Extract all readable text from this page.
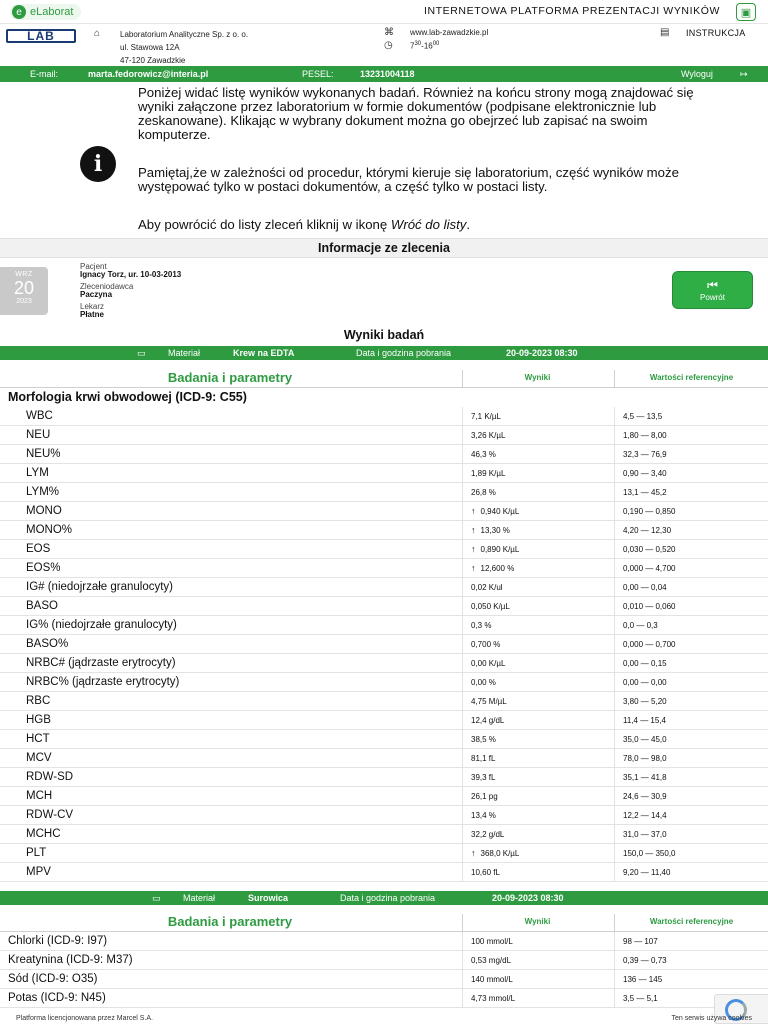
e eLaborat	INTERNETOWA PLATFORMA PREZENTACJI WYNIKÓW	▣
LAB	⌂ Laboratorium Analityczne Sp. z o. o.
ul. Stawowa 12A
47-120 Zawadzkie
⌘ www.lab-zawadzkie.pl
◷ $7^{30}-16^{00}$
▤ INSTRUKCJA
E-mail:	marta.fedorowicz@interia.pl	PESEL:	13231004118	Wyloguj	↦
i

Poniżej widać listę wyników wykonanych badań. Również na końcu strony mogą znajdować się wyniki załączone przez laboratorium w formie dokumentów (podpisane elektronicznie lub zeskanowane). Klikając w wybrany dokument można go obejrzeć lub zapisać na swoim komputerze.

Pamiętaj,że w zależności od procedur, którymi kieruje się laboratorium, część wyników może występować tylko w postaci dokumentów, a część tylko w postaci listy.

Aby powrócić do listy zleceń kliknij w ikonę Wróć do listy.

Informacje ze zlecenia
WRZ
20
2023
Pacjent
Ignacy Torz, ur. 10-03-2013
Zleceniodawca
Paczyna
Lekarz
Płatne
⏮
Powrót
Wyniki badań
▭ Materiał	Krew na EDTA	Data i godzina pobrania	20-09-2023 08:30
Badania i parametry	Wyniki	Wartości referencyjne
Morfologia krwi obwodowej (ICD-9: C55)
WBC	7,1 K/µL	4,5 — 13,5
NEU	3,26 K/µL	1,80 — 8,00
NEU%	46,3 %	32,3 — 76,9
LYM	1,89 K/µL	0,90 — 3,40
LYM%	26,8 %	13,1 — 45,2
MONO	↑ 0,940 K/µL	0,190 — 0,850
MONO%	↑ 13,30 %	4,20 — 12,30
EOS	↑ 0,890 K/µL	0,030 — 0,520
EOS%	↑ 12,600 %	0,000 — 4,700
IG# (niedojrzałe granulocyty)	0,02 K/ul	0,00 — 0,04
BASO	0,050 K/µL	0,010 — 0,060
IG% (niedojrzałe granulocyty)	0,3 %	0,0 — 0,3
BASO%	0,700 %	0,000 — 0,700
NRBC# (jądrzaste erytrocyty)	0,00 K/µL	0,00 — 0,15
NRBC% (jądrzaste erytrocyty)	0,00 %	0,00 — 0,00
RBC	4,75 M/µL	3,80 — 5,20
HGB	12,4 g/dL	11,4 — 15,4
HCT	38,5 %	35,0 — 45,0
MCV	81,1 fL	78,0 — 98,0
RDW-SD	39,3 fL	35,1 — 41,8
MCH	26,1 pg	24,6 — 30,9
RDW-CV	13,4 %	12,2 — 14,4
MCHC	32,2 g/dL	31,0 — 37,0
PLT	↑ 368,0 K/µL	150,0 — 350,0
MPV	10,60 fL	9,20 — 11,40
▭ Materiał	Surowica	Data i godzina pobrania	20-09-2023 08:30
Badania i parametry	Wyniki	Wartości referencyjne
Chlorki (ICD-9: I97)	100 mmol/L	98 — 107
Kreatynina (ICD-9: M37)	0,53 mg/dL	0,39 — 0,73
Sód (ICD-9: O35)	140 mmol/L	136 — 145
Potas (ICD-9: N45)	4,73 mmol/L	3,5 — 5,1
Platforma licencjonowana przez Marcel S.A.	Ten serwis używa cookies
